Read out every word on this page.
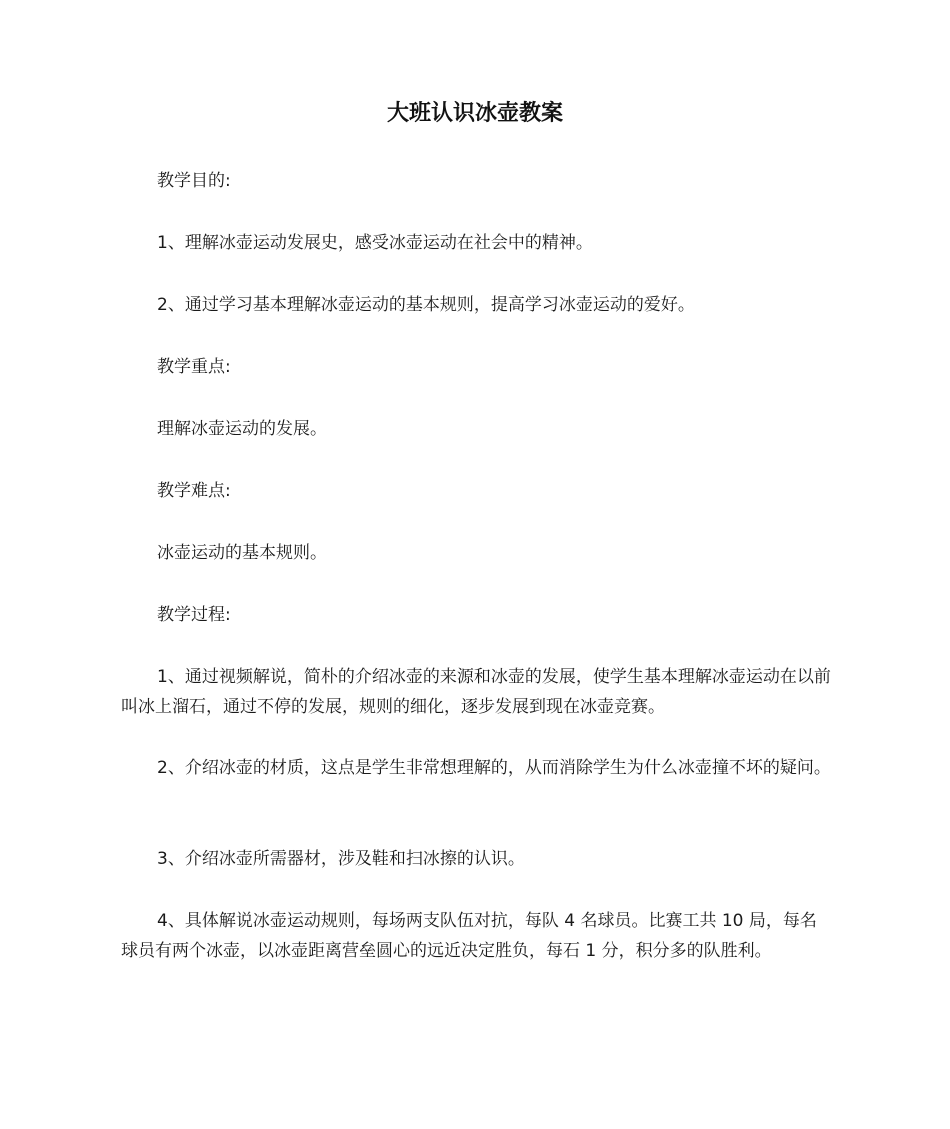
大班认识冰壶教案

教学目的:

1、理解冰壶运动发展史，感受冰壶运动在社会中的精神。

2、通过学习基本理解冰壶运动的基本规则，提高学习冰壶运动的爱好。

教学重点:

理解冰壶运动的发展。

教学难点:

冰壶运动的基本规则。

教学过程:

1、通过视频解说，简朴的介绍冰壶的来源和冰壶的发展，使学生基本理解冰壶运动在以前叫冰上溜石，通过不停的发展，规则的细化，逐步发展到现在冰壶竞赛。

2、介绍冰壶的材质，这点是学生非常想理解的，从而消除学生为什么冰壶撞不坏的疑问。

3、介绍冰壶所需器材，涉及鞋和扫冰擦的认识。

4、具体解说冰壶运动规则，每场两支队伍对抗，每队 4 名球员。比赛工共 10 局，每名球员有两个冰壶，以冰壶距离营垒圆心的远近决定胜负，每石 1 分，积分多的队胜利。
